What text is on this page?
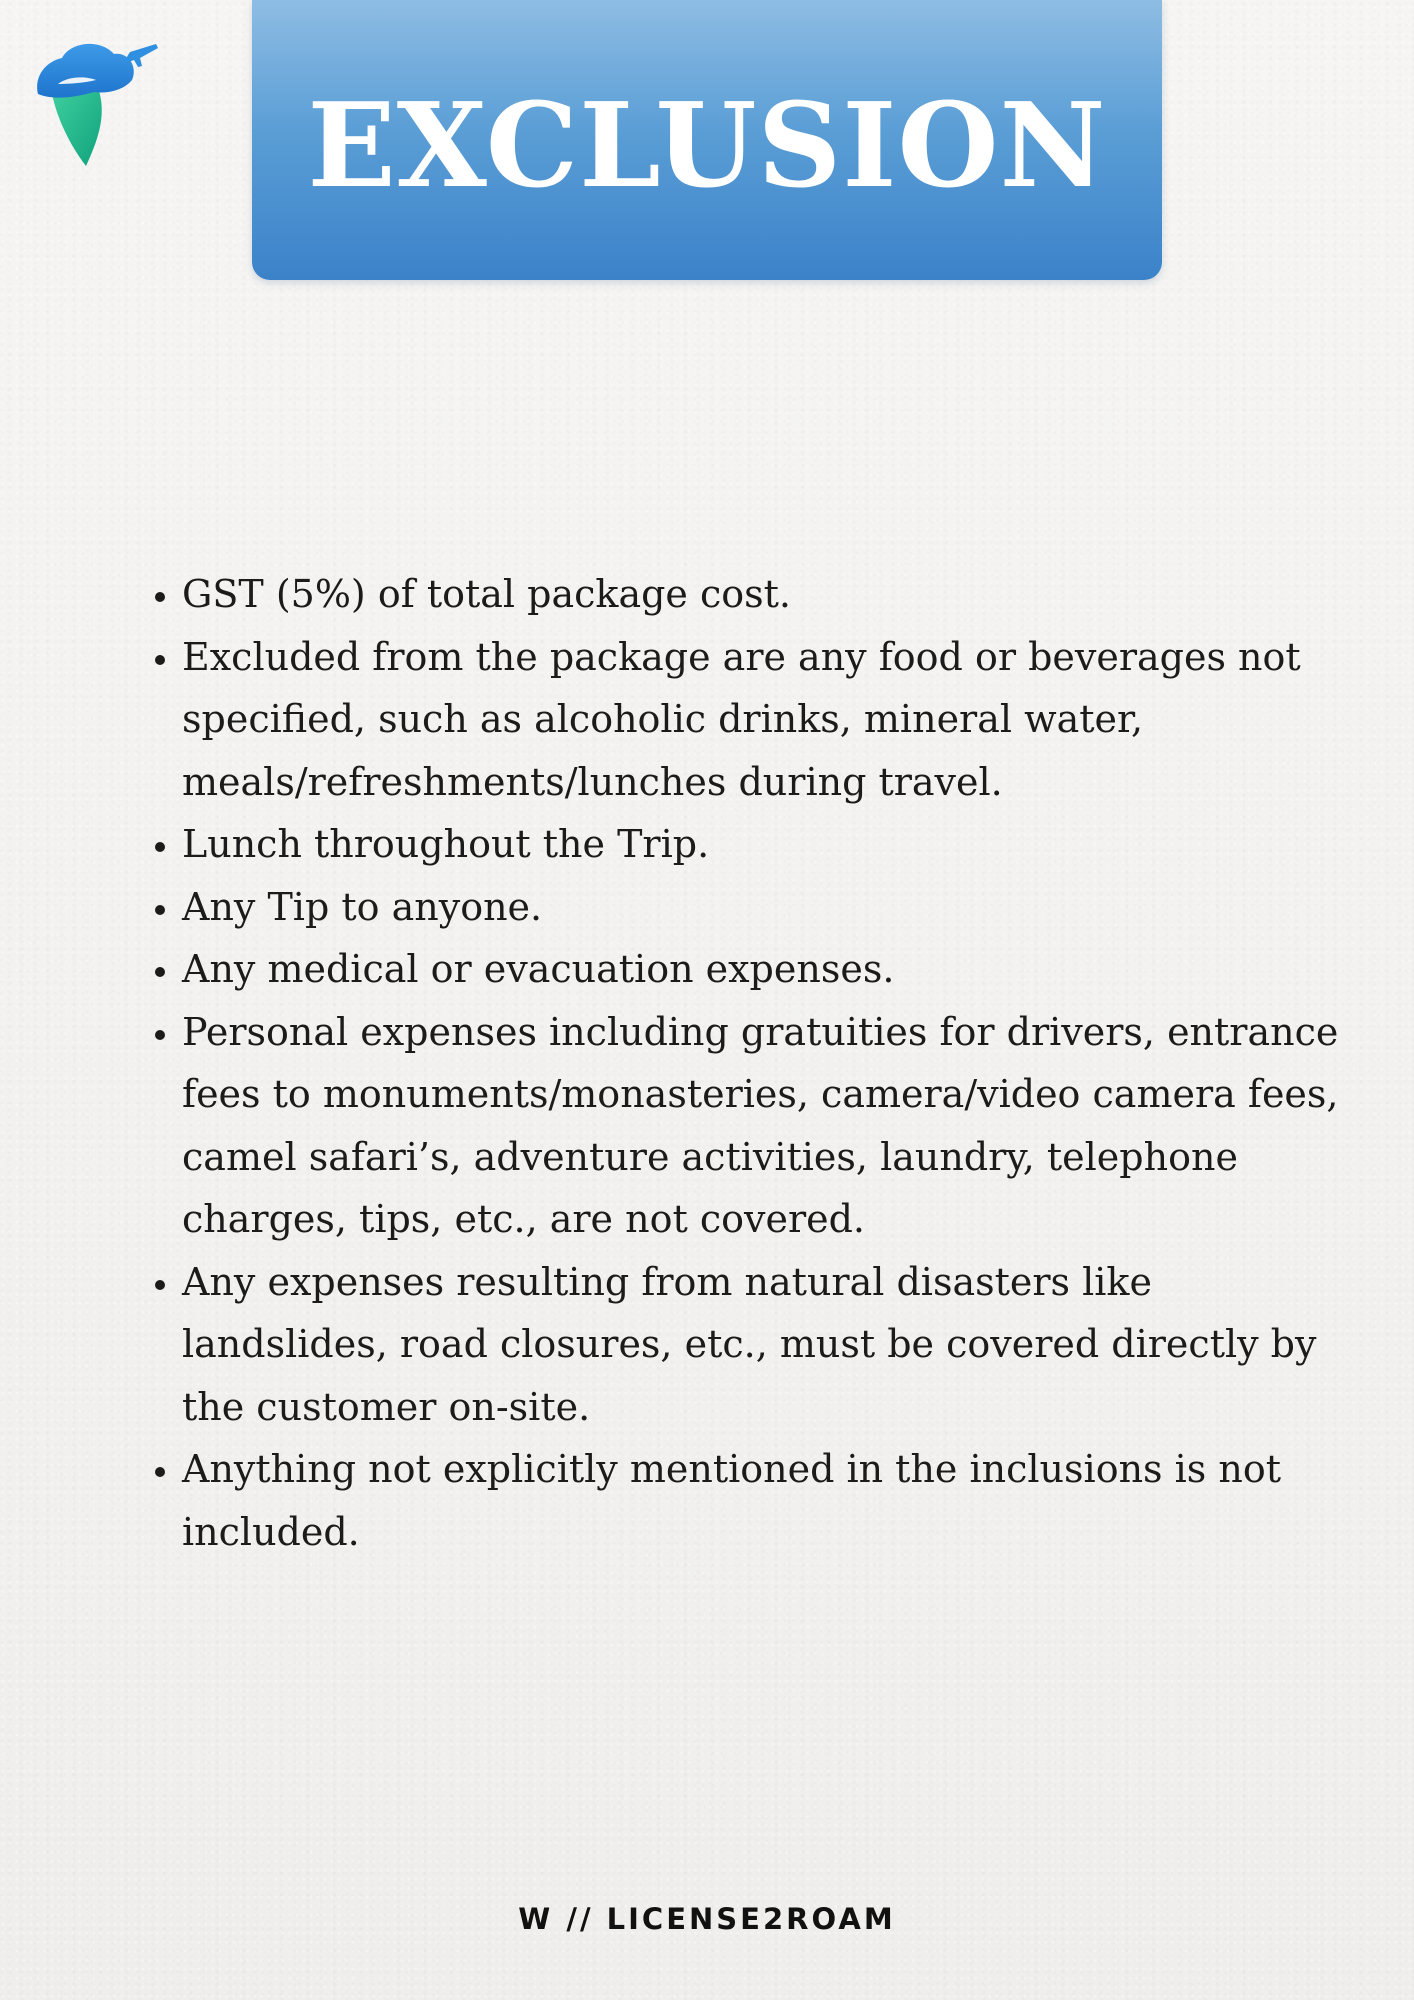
EXCLUSION
• GST (5%) of total package cost.
• Excluded from the package are any food or beverages not specified, such as alcoholic drinks, mineral water, meals/refreshments/lunches during travel.
• Lunch throughout the Trip.
• Any Tip to anyone.
• Any medical or evacuation expenses.
• Personal expenses including gratuities for drivers, entrance fees to monuments/monasteries, camera/video camera fees, camel safari’s, adventure activities, laundry, telephone charges, tips, etc., are not covered.
• Any expenses resulting from natural disasters like landslides, road closures, etc., must be covered directly by the customer on-site.
• Anything not explicitly mentioned in the inclusions is not included.
W // LICENSE2ROAM
